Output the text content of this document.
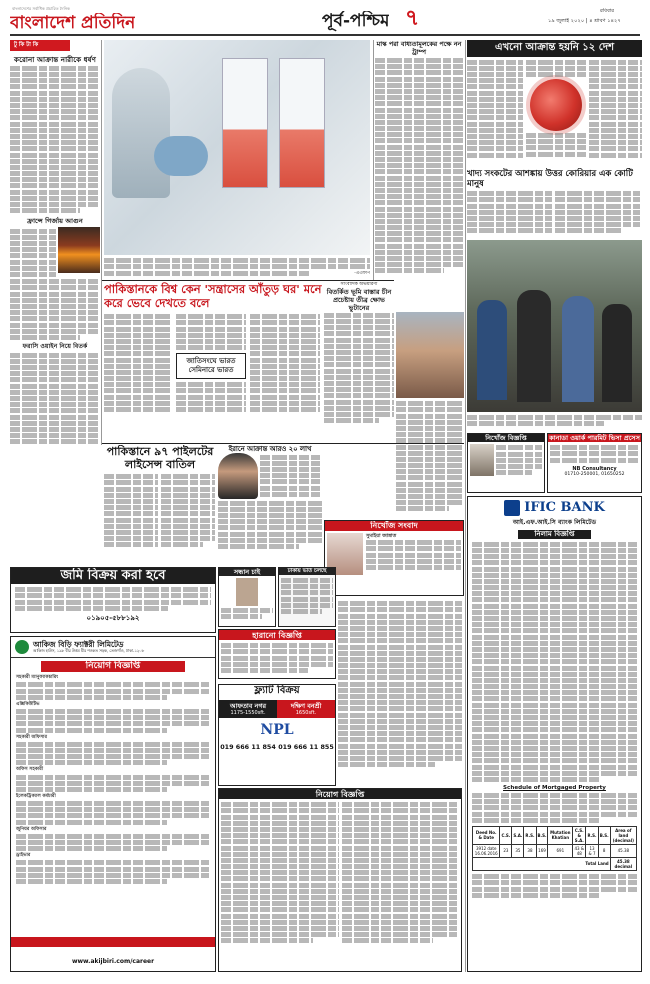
বাংলাদেশের সর্বাধিক প্রচারিত দৈনিক
বাংলাদেশ প্রতিদিন	পূর্ব-পশ্চিম ৭	রবিবার
১৯ জুলাই ২০২০ | ৪ শ্রাবণ ১৪২৭
টু কি টা কি
করোনা আক্রান্ত নারীকে ধর্ষণ
ফ্রান্সে গির্জায় আগুন
ফরাসি ওয়াইন নিয়ে বিতর্ক
-এএফপি
পাকিস্তানকে বিশ্ব কেন 'সন্ত্রাসের আঁতুড় ঘর' মনে করে ভেবে দেখতে বলে
জাতিসংঘে ভারত সেমিনারে ভারত
সাংবাদিক অভয়ারণ্য
বিতর্কিত ভূমি বাস্তার চীন প্রচেষ্টায় তীব্র ক্ষোভ ভুটানের
মাস্ক পরা বাধ্যতামূলকের পক্ষে নন ট্রাম্প	এখনো আক্রান্ত হয়নি ১২ দেশ
খাদ্য সংকটের আশঙ্কায় উত্তর কোরিয়ার এক কোটি মানুষ
ইরানে আক্রান্ত আরও ২০ লাখ
পাকিস্তানে ৯৭ পাইলটের লাইসেন্স বাতিল
নিখোঁজ সংবাদ
সুমাইয়া জান্নাত
জমি বিক্রয় করা হবে
০১৯০৫-৫৮৮১৯২
সন্ধান চাই	ঢাকায় ভর্তি চলছে
হারানো বিজ্ঞপ্তি
আকিজ বিড়ি ফ্যাক্টরী লিমিটেড
আকিজ হাউস, ১৯৮ বীর উত্তম মীর শওকত সড়ক, তেজগাঁও, ঢাকা-১২০৮
নিয়োগ বিজ্ঞপ্তি
সহকারী ম্যানুফ্যাকচারিং
এক্সিকিউটিভ
সহকারী অফিসার
অফিস সহকারী
ইলেকট্রিক্যাল কর্মচারী
জুনিয়র অফিসার
ড্রাইভার
www.akijbiri.com/career
ফ্ল্যাট বিক্রয়
আফতাব নগর
1175-1550sft.
দক্ষিণ বনশ্রী
1650sft.
NPL
019 666 11 854 019 666 11 855
নিয়োগ বিজ্ঞপ্তি
নিখোঁজ বিজ্ঞপ্তি	কানাডা ওয়ার্ক পারমিট ভিসা প্রসেস
NB Consultancy
01710-250001, 01650252
IFIC BANK
আই.এফ.আই.সি ব্যাংক লিমিটেড
নিলাম বিজ্ঞপ্তি
Schedule of Mortgaged Property
Deed No. & Date	C.S.	S.A.	R.S.	B.S.	Mutation Khatian	C.S. & S.A.	R.S.	B.S.	Area of land (decimal)
3912 date 16.06.2016	23	35	38	169	691	43 & 48	13 & 7	8	45.38
Total Land									45.38 decimal
